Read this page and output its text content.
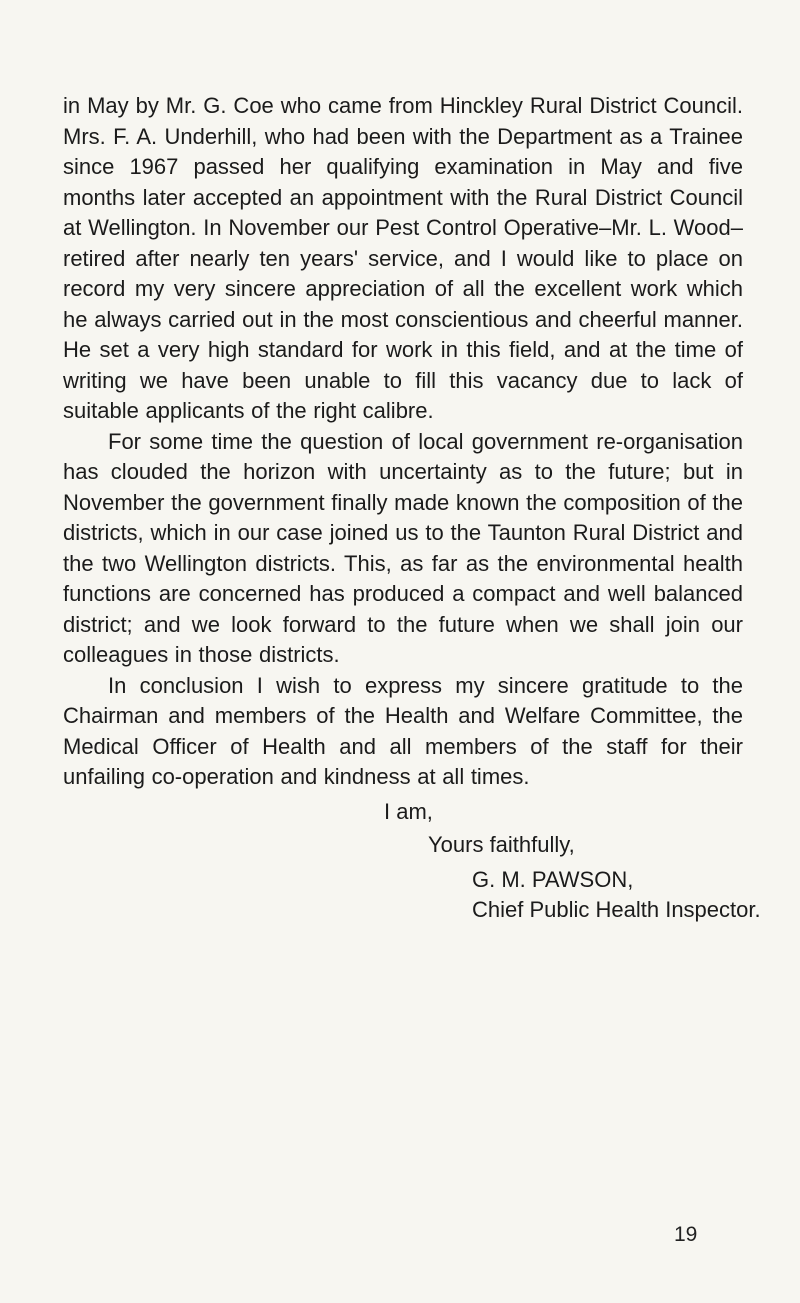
in May by Mr. G. Coe who came from Hinckley Rural District Council. Mrs. F. A. Underhill, who had been with the Department as a Trainee since 1967 passed her qualifying examination in May and five months later accepted an appointment with the Rural District Council at Wellington. In November our Pest Control Operative–Mr. L. Wood–retired after nearly ten years' service, and I would like to place on record my very sincere appreciation of all the excellent work which he always carried out in the most conscientious and cheerful manner. He set a very high standard for work in this field, and at the time of writing we have been unable to fill this vacancy due to lack of suitable applicants of the right calibre.

For some time the question of local government re-organisation has clouded the horizon with uncertainty as to the future; but in November the government finally made known the composition of the districts, which in our case joined us to the Taunton Rural District and the two Wellington districts. This, as far as the environmental health functions are concerned has produced a compact and well balanced district; and we look forward to the future when we shall join our colleagues in those districts.

In conclusion I wish to express my sincere gratitude to the Chairman and members of the Health and Welfare Committee, the Medical Officer of Health and all members of the staff for their unfailing co-operation and kindness at all times.

I am,
Yours faithfully,
G. M. PAWSON,
Chief Public Health Inspector.
19
